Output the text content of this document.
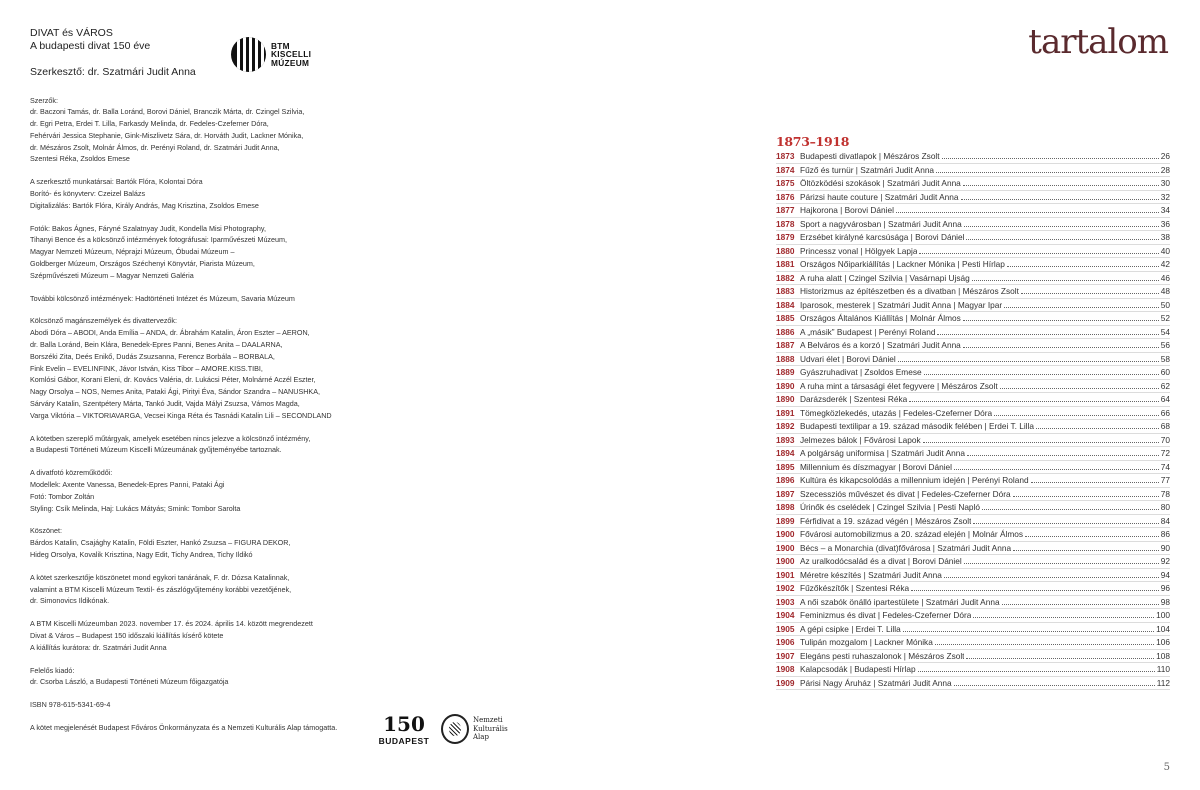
DIVAT és VÁROS
A budapesti divat 150 éve
Szerkesztő: dr. Szatmári Judit Anna

Szerzők:

dr. Baczoni Tamás, dr. Balla Loránd, Borovi Dániel, Branczik Márta, dr. Czingel Szilvia,

dr. Egri Petra, Erdei T. Lilla, Farkasdy Melinda, dr. Fedeles-Czeferner Dóra,

Fehérvári Jessica Stephanie, Gink-Miszlivetz Sára, dr. Horváth Judit, Lackner Mónika,

dr. Mészáros Zsolt, Molnár Álmos, dr. Perényi Roland, dr. Szatmári Judit Anna,

Szentesi Réka, Zsoldos Emese

A szerkesztő munkatársai: Bartók Flóra, Kolontai Dóra

Borító- és könyvterv: Czeizel Balázs

Digitalizálás: Bartók Flóra, Király András, Mag Krisztina, Zsoldos Emese

Fotók: Bakos Ágnes, Fáryné Szalatnyay Judit, Kondella Misi Photography,

Tihanyi Bence és a kölcsönző intézmények fotográfusai: Iparművészeti Múzeum,

Magyar Nemzeti Múzeum, Néprajzi Múzeum, Óbudai Múzeum –

Goldberger Múzeum, Országos Széchenyi Könyvtár, Piarista Múzeum,

Szépművészeti Múzeum – Magyar Nemzeti Galéria

További kölcsönző intézmények: Hadtörténeti Intézet és Múzeum, Savaria Múzeum

Kölcsönző magánszemélyek és divattervezők:

Abodi Dóra – ABODI, Anda Emília – ANDA, dr. Ábrahám Katalin, Áron Eszter – AERON,

dr. Balla Loránd, Bein Klára, Benedek-Epres Panni, Benes Anita – DAALARNA,

Borszéki Zita, Deés Enikő, Dudás Zsuzsanna, Ferencz Borbála – BORBALA,

Fink Evelin – EVELINFINK, Jávor István, Kiss Tibor – AMORE.KISS.TIBI,

Komlósi Gábor, Korani Eleni, dr. Kovács Valéria, dr. Lukácsi Péter, Molnárné Aczél Eszter,

Nagy Orsolya – NOS, Nemes Anita, Pataki Ági, Pirityi Éva, Sándor Szandra – NANUSHKA,

Sárváry Katalin, Szentpétery Márta, Tankó Judit, Vajda Mályi Zsuzsa, Vámos Magda,

Varga Viktória – VIKTORIAVARGA, Vecsei Kinga Réta és Tasnádi Katalin Lili – SECONDLAND

A kötetben szereplő műtárgyak, amelyek esetében nincs jelezve a kölcsönző intézmény,

a Budapesti Történeti Múzeum Kiscelli Múzeumának gyűjteményébe tartoznak.

A divatfotó közreműködői:

Modellek: Axente Vanessa, Benedek-Epres Panni, Pataki Ági

Fotó: Tombor Zoltán

Styling: Csík Melinda, Haj: Lukács Mátyás; Smink: Tombor Sarolta

Köszönet:

Bárdos Katalin, Csajághy Katalin, Földi Eszter, Hankó Zsuzsa – FIGURA DEKOR,

Hideg Orsolya, Kovalik Krisztina, Nagy Edit, Tichy Andrea, Tichy Ildikó

A kötet szerkesztője köszönetet mond egykori tanárának, F. dr. Dózsa Katalinnak,

valamint a BTM Kiscelli Múzeum Textil- és zászlógyűjtemény korábbi vezetőjének,

dr. Simonovics Ildikónak.

A BTM Kiscelli Múzeumban 2023. november 17. és 2024. április 14. között megrendezett

Divat & Város – Budapest 150 időszaki kiállítás kísérő kötete

A kiállítás kurátora: dr. Szatmári Judit Anna

Felelős kiadó:

dr. Csorba László, a Budapesti Történeti Múzeum főigazgatója

ISBN 978-615-5341-69-4

A kötet megjelenését Budapest Főváros Önkormányzata és a Nemzeti Kulturális Alap támogatta.

BTM
KISCELLI
MÚZEUM
150
BUDAPEST
Nemzeti
Kulturális
Alap
tartalom
1873–1918
1873 Budapesti divatlapok | Mészáros Zsolt	26
1874 Fűző és turnür | Szatmári Judit Anna	28
1875 Öltözködési szokások | Szatmári Judit Anna	30
1876 Párizsi haute couture | Szatmári Judit Anna	32
1877 Hajkorona | Borovi Dániel	34
1878 Sport a nagyvárosban | Szatmári Judit Anna	36
1879 Erzsébet királyné karcsúsága | Borovi Dániel	38
1880 Princessz vonal | Hölgyek Lapja	40
1881 Országos Nőiparkiállítás | Lackner Mónika | Pesti Hírlap	42
1882 A ruha alatt | Czingel Szilvia | Vasárnapi Ujság	46
1883 Historizmus az építészetben és a divatban | Mészáros Zsolt	48
1884 Iparosok, mesterek | Szatmári Judit Anna | Magyar Ipar	50
1885 Országos Általános Kiállítás | Molnár Álmos	52
1886 A „másik” Budapest | Perényi Roland	54
1887 A Belváros és a korzó | Szatmári Judit Anna	56
1888 Udvari élet | Borovi Dániel	58
1889 Gyászruhadivat | Zsoldos Emese	60
1890 A ruha mint a társasági élet fegyvere | Mészáros Zsolt	62
1890 Darázsderék | Szentesi Réka	64
1891 Tömegközlekedés, utazás | Fedeles-Czeferner Dóra	66
1892 Budapesti textilipar a 19. század második felében | Erdei T. Lilla	68
1893 Jelmezes bálok | Fővárosi Lapok	70
1894 A polgárság uniformisa | Szatmári Judit Anna	72
1895 Millennium és díszmagyar | Borovi Dániel	74
1896 Kultúra és kikapcsolódás a millennium idején | Perényi Roland	77
1897 Szecessziós művészet és divat | Fedeles-Czeferner Dóra	78
1898 Úrinők és cselédek | Czingel Szilvia | Pesti Napló	80
1899 Férfidivat a 19. század végén | Mészáros Zsolt	84
1900 Fővárosi automobilizmus a 20. század elején | Molnár Álmos	86
1900 Bécs – a Monarchia (divat)fővárosa | Szatmári Judit Anna	90
1900 Az uralkodócsalád és a divat | Borovi Dániel	92
1901 Méretre készítés | Szatmári Judit Anna	94
1902 Fűzőkészítők | Szentesi Réka	96
1903 A női szabók önálló ipartestülete | Szatmári Judit Anna	98
1904 Feminizmus és divat | Fedeles-Czeferner Dóra	100
1905 A gépi csipke | Erdei T. Lilla	104
1906 Tulipán mozgalom | Lackner Mónika	106
1907 Elegáns pesti ruhaszalonok | Mészáros Zsolt	108
1908 Kalapcsodák | Budapesti Hírlap	110
1909 Párisi Nagy Áruház | Szatmári Judit Anna	112
5
